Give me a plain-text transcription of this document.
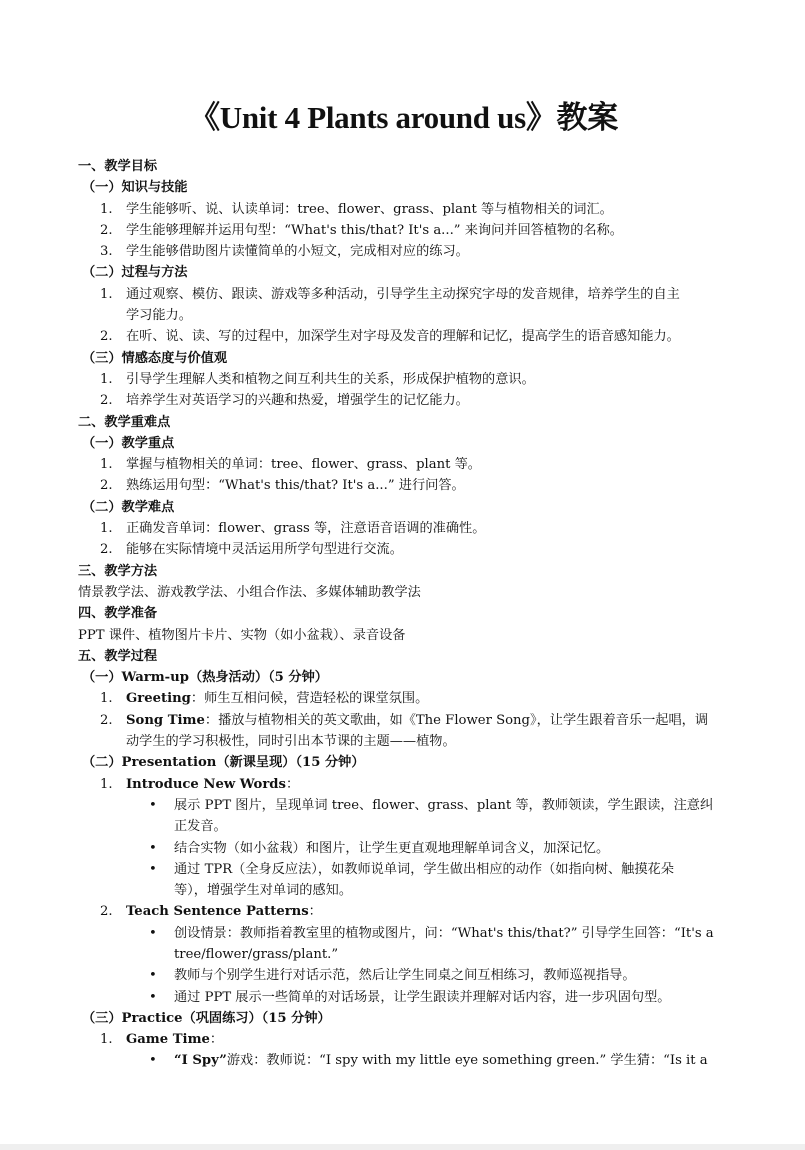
《Unit 4 Plants around us》教案
一、教学目标
（一）知识与技能
1. 学生能够听、说、认读单词：tree、flower、grass、plant 等与植物相关的词汇。
2. 学生能够理解并运用句型：“What's this/that? It's a...” 来询问并回答植物的名称。
3. 学生能够借助图片读懂简单的小短文，完成相对应的练习。
（二）过程与方法
1. 通过观察、模仿、跟读、游戏等多种活动，引导学生主动探究字母的发音规律，培养学生的自主
学习能力。
2. 在听、说、读、写的过程中，加深学生对字母及发音的理解和记忆，提高学生的语音感知能力。
（三）情感态度与价值观
1. 引导学生理解人类和植物之间互利共生的关系，形成保护植物的意识。
2. 培养学生对英语学习的兴趣和热爱，增强学生的记忆能力。
二、教学重难点
（一）教学重点
1. 掌握与植物相关的单词：tree、flower、grass、plant 等。
2. 熟练运用句型：“What's this/that? It's a...” 进行问答。
（二）教学难点
1. 正确发音单词：flower、grass 等，注意语音语调的准确性。
2. 能够在实际情境中灵活运用所学句型进行交流。
三、教学方法
情景教学法、游戏教学法、小组合作法、多媒体辅助教学法
四、教学准备
PPT 课件、植物图片卡片、实物（如小盆栽）、录音设备
五、教学过程
（一）Warm-up（热身活动）（5 分钟）
1. Greeting：师生互相问候，营造轻松的课堂氛围。
2. Song Time：播放与植物相关的英文歌曲，如《The Flower Song》，让学生跟着音乐一起唱，调
动学生的学习积极性，同时引出本节课的主题——植物。
（二）Presentation（新课呈现）（15 分钟）
1. Introduce New Words：
• 展示 PPT 图片，呈现单词 tree、flower、grass、plant 等，教师领读，学生跟读，注意纠
正发音。
• 结合实物（如小盆栽）和图片，让学生更直观地理解单词含义，加深记忆。
• 通过 TPR（全身反应法），如教师说单词，学生做出相应的动作（如指向树、触摸花朵
等），增强学生对单词的感知。
2. Teach Sentence Patterns：
• 创设情景：教师指着教室里的植物或图片，问：“What's this/that?” 引导学生回答：“It's a
tree/flower/grass/plant.”
• 教师与个别学生进行对话示范，然后让学生同桌之间互相练习，教师巡视指导。
• 通过 PPT 展示一些简单的对话场景，让学生跟读并理解对话内容，进一步巩固句型。
（三）Practice（巩固练习）（15 分钟）
1. Game Time：
• “I Spy”游戏：教师说：“I spy with my little eye something green.” 学生猜：“Is it a
